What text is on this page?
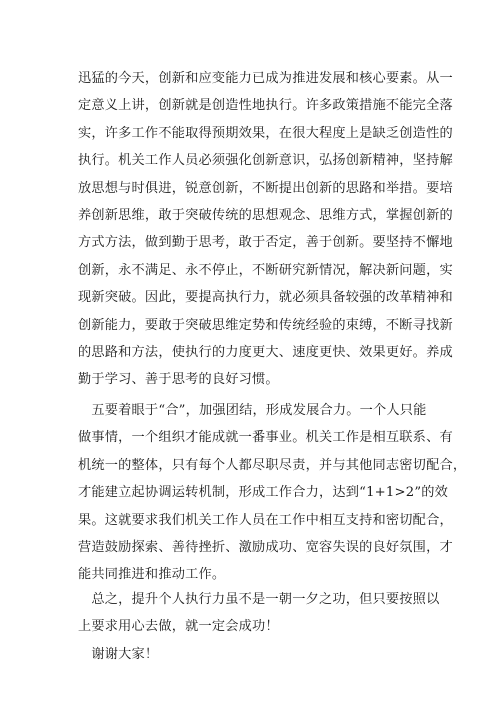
迅猛的今天，创新和应变能力已成为推进发展和核心要素。从一
定意义上讲，创新就是创造性地执行。许多政策措施不能完全落
实，许多工作不能取得预期效果，在很大程度上是缺乏创造性的
执行。机关工作人员必须强化创新意识，弘扬创新精神，坚持解
放思想与时俱进，锐意创新，不断提出创新的思路和举措。要培
养创新思维，敢于突破传统的思想观念、思维方式，掌握创新的
方式方法，做到勤于思考，敢于否定，善于创新。要坚持不懈地
创新，永不满足、永不停止，不断研究新情况，解决新问题，实
现新突破。因此，要提高执行力，就必须具备较强的改革精神和
创新能力，要敢于突破思维定势和传统经验的束缚，不断寻找新
的思路和方法，使执行的力度更大、速度更快、效果更好。养成
勤于学习、善于思考的良好习惯。
　五要着眼于“合”，加强团结，形成发展合力。一个人只能
做事情，一个组织才能成就一番事业。机关工作是相互联系、有
机统一的整体，只有每个人都尽职尽责，并与其他同志密切配合，
才能建立起协调运转机制，形成工作合力，达到“1+1>2”的效
果。这就要求我们机关工作人员在工作中相互支持和密切配合，
营造鼓励探索、善待挫折、激励成功、宽容失误的良好氛围，才
能共同推进和推动工作。
　总之，提升个人执行力虽不是一朝一夕之功，但只要按照以
上要求用心去做，就一定会成功！
　谢谢大家！
